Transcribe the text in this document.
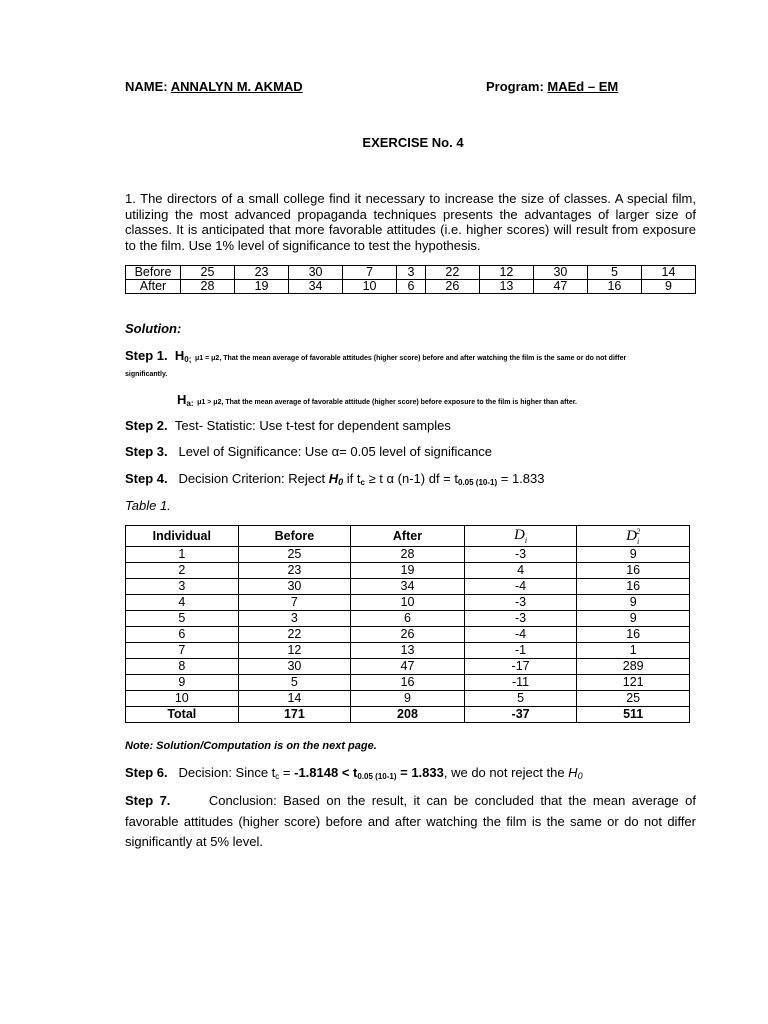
NAME: ANNALYN M. AKMAD	Program: MAEd – EM
EXERCISE No. 4
1. The directors of a small college find it necessary to increase the size of classes. A special film, utilizing the most advanced propaganda techniques presents the advantages of larger size of classes. It is anticipated that more favorable attitudes (i.e. higher scores) will result from exposure to the film. Use 1% level of significance to test the hypothesis.
Before	25	23	30	7	3	22	12	30	5	14
After	28	19	34	10	6	26	13	47	16	9
Solution:
Step 1. $H_{0;}$ μ1 = μ2, That the mean average of favorable attitudes (higher score) before and after watching the film is the same or do not differ
significantly.
$H_{a:}$ μ1 > μ2, That the mean average of favorable attitude (higher score) before exposure to the film is higher than after.
Step 2. Test- Statistic: Use t-test for dependent samples
Step 3. Level of Significance: Use α= 0.05 level of significance
Step 4. Decision Criterion: Reject $H_0$ if $t_c \ge t$ α (n-1) df = $t_{0.05 (10-1)} = 1.833$
Table 1.
Individual	Before	After	$D_i$	$D_i^2$
1	25	28	-3	9
2	23	19	4	16
3	30	34	-4	16
4	7	10	-3	9
5	3	6	-3	9
6	22	26	-4	16
7	12	13	-1	1
8	30	47	-17	289
9	5	16	-11	121
10	14	9	5	25
Total	171	208	-37	511
Note: Solution/Computation is on the next page.
Step 6. Decision: Since $t_c = -1.8148 < t_{0.05 (10-1)} = 1.833$, we do not reject the $H_0$
Step 7.	Conclusion: Based on the result, it can be concluded that the mean average of favorable attitudes (higher score) before and after watching the film is the same or do not differ significantly at 5% level.
